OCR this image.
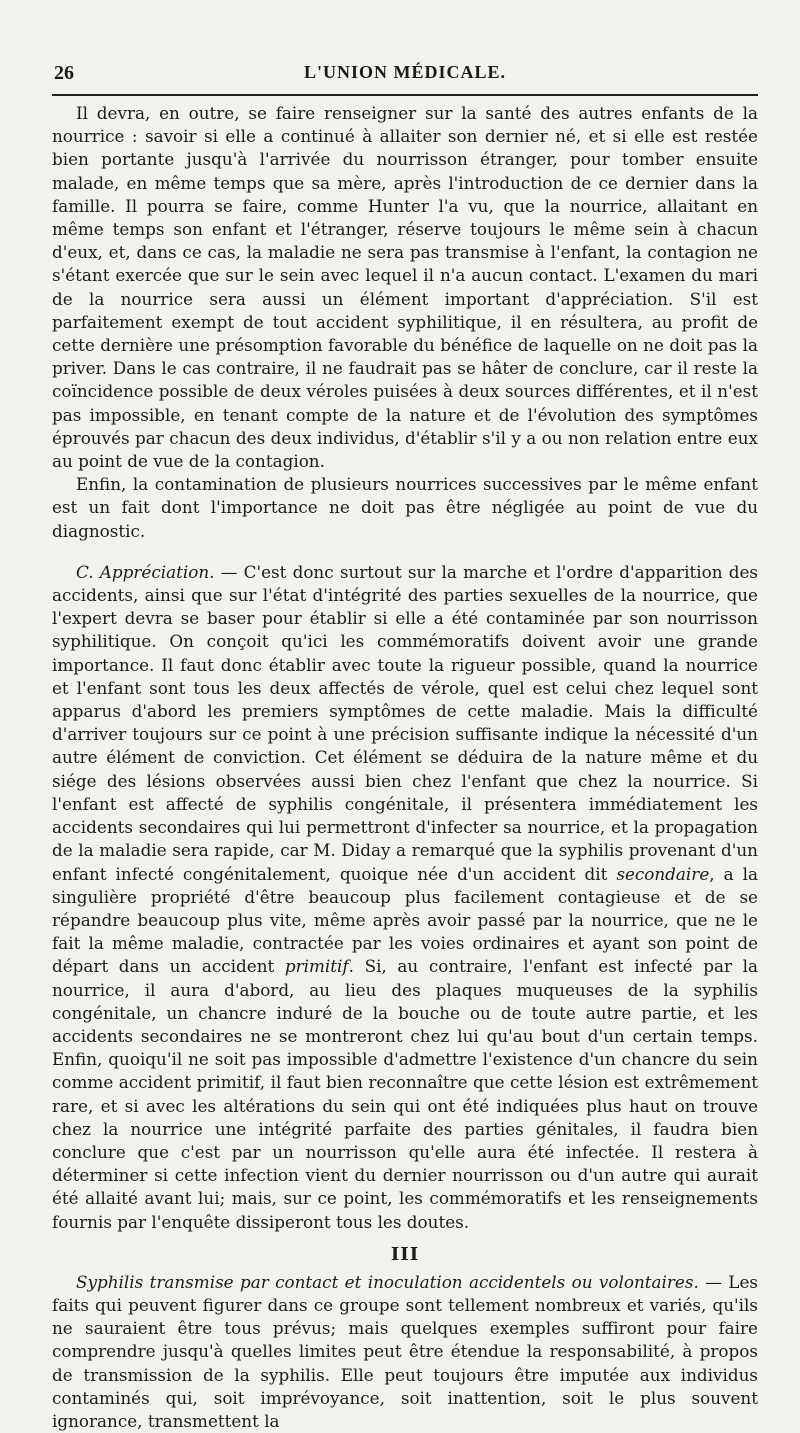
26	L'UNION MÉDICALE.

Il devra, en outre, se faire renseigner sur la santé des autres enfants de la nourrice : savoir si elle a continué à allaiter son dernier né, et si elle est restée bien portante jusqu'à l'arrivée du nourrisson étranger, pour tomber ensuite malade, en même temps que sa mère, après l'introduction de ce dernier dans la famille. Il pourra se faire, comme Hunter l'a vu, que la nourrice, allaitant en même temps son enfant et l'étranger, réserve toujours le même sein à chacun d'eux, et, dans ce cas, la maladie ne sera pas transmise à l'enfant, la contagion ne s'étant exercée que sur le sein avec lequel il n'a aucun contact. L'examen du mari de la nourrice sera aussi un élément important d'appréciation. S'il est parfaitement exempt de tout accident syphilitique, il en résultera, au profit de cette dernière une présomption favorable du bénéfice de laquelle on ne doit pas la priver. Dans le cas contraire, il ne faudrait pas se hâter de conclure, car il reste la coïncidence possible de deux véroles puisées à deux sources différentes, et il n'est pas impossible, en tenant compte de la nature et de l'évolution des symptômes éprouvés par chacun des deux individus, d'établir s'il y a ou non relation entre eux au point de vue de la contagion.

Enfin, la contamination de plusieurs nourrices successives par le même enfant est un fait dont l'importance ne doit pas être négligée au point de vue du diagnostic.

C. Appréciation. — C'est donc surtout sur la marche et l'ordre d'apparition des accidents, ainsi que sur l'état d'intégrité des parties sexuelles de la nourrice, que l'expert devra se baser pour établir si elle a été contaminée par son nourrisson syphilitique. On conçoit qu'ici les commémoratifs doivent avoir une grande importance. Il faut donc établir avec toute la rigueur possible, quand la nourrice et l'enfant sont tous les deux affectés de vérole, quel est celui chez lequel sont apparus d'abord les premiers symptômes de cette maladie. Mais la difficulté d'arriver toujours sur ce point à une précision suffisante indique la nécessité d'un autre élément de conviction. Cet élément se déduira de la nature même et du siége des lésions observées aussi bien chez l'enfant que chez la nourrice. Si l'enfant est affecté de syphilis congénitale, il présentera immédiatement les accidents secondaires qui lui permettront d'infecter sa nourrice, et la propagation de la maladie sera rapide, car M. Diday a remarqué que la syphilis provenant d'un enfant infecté congénitalement, quoique née d'un accident dit secondaire, a la singulière propriété d'être beaucoup plus facilement contagieuse et de se répandre beaucoup plus vite, même après avoir passé par la nourrice, que ne le fait la même maladie, contractée par les voies ordinaires et ayant son point de départ dans un accident primitif. Si, au contraire, l'enfant est infecté par la nourrice, il aura d'abord, au lieu des plaques muqueuses de la syphilis congénitale, un chancre induré de la bouche ou de toute autre partie, et les accidents secondaires ne se montreront chez lui qu'au bout d'un certain temps. Enfin, quoiqu'il ne soit pas impossible d'admettre l'existence d'un chancre du sein comme accident primitif, il faut bien reconnaître que cette lésion est extrêmement rare, et si avec les altérations du sein qui ont été indiquées plus haut on trouve chez la nourrice une intégrité parfaite des parties génitales, il faudra bien conclure que c'est par un nourrisson qu'elle aura été infectée. Il restera à déterminer si cette infection vient du dernier nourrisson ou d'un autre qui aurait été allaité avant lui; mais, sur ce point, les commémoratifs et les renseignements fournis par l'enquête dissiperont tous les doutes.

III

Syphilis transmise par contact et inoculation accidentels ou volontaires. — Les faits qui peuvent figurer dans ce groupe sont tellement nombreux et variés, qu'ils ne sauraient être tous prévus; mais quelques exemples suffiront pour faire comprendre jusqu'à quelles limites peut être étendue la responsabilité, à propos de transmission de la syphilis. Elle peut toujours être imputée aux individus contaminés qui, soit imprévoyance, soit inattention, soit le plus souvent ignorance, transmettent la
